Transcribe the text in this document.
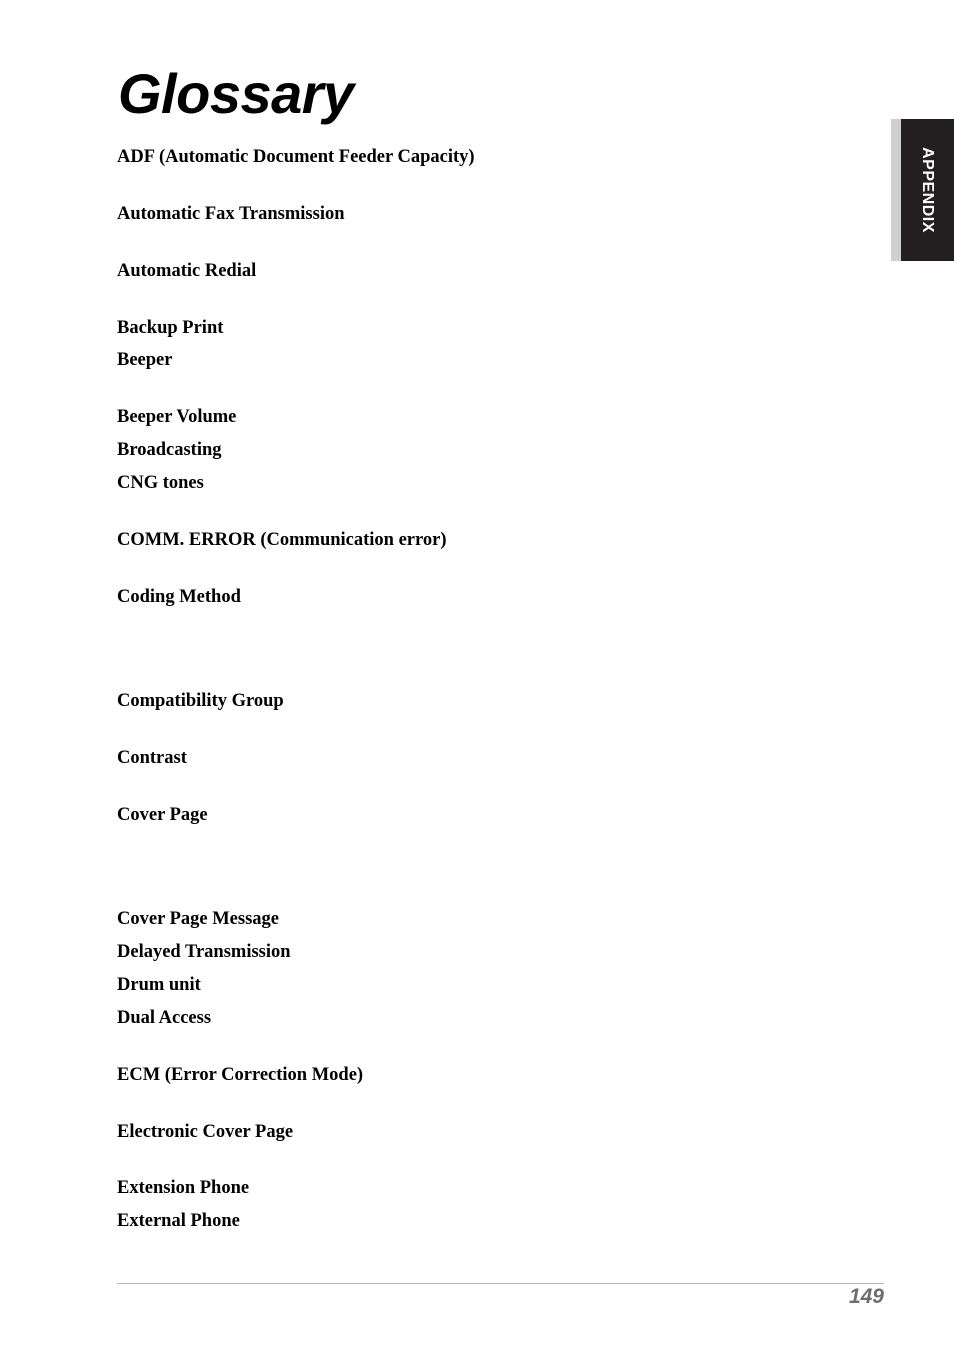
Glossary
APPENDIX

ADF (Automatic Document Feeder Capacity)

Automatic Fax Transmission

Automatic Redial

Backup Print

Beeper

Beeper Volume

Broadcasting

CNG tones

COMM. ERROR (Communication error)

Coding Method

Compatibility Group

Contrast

Cover Page

Cover Page Message

Delayed Transmission

Drum unit

Dual Access

ECM (Error Correction Mode)

Electronic Cover Page

Extension Phone

External Phone

149
